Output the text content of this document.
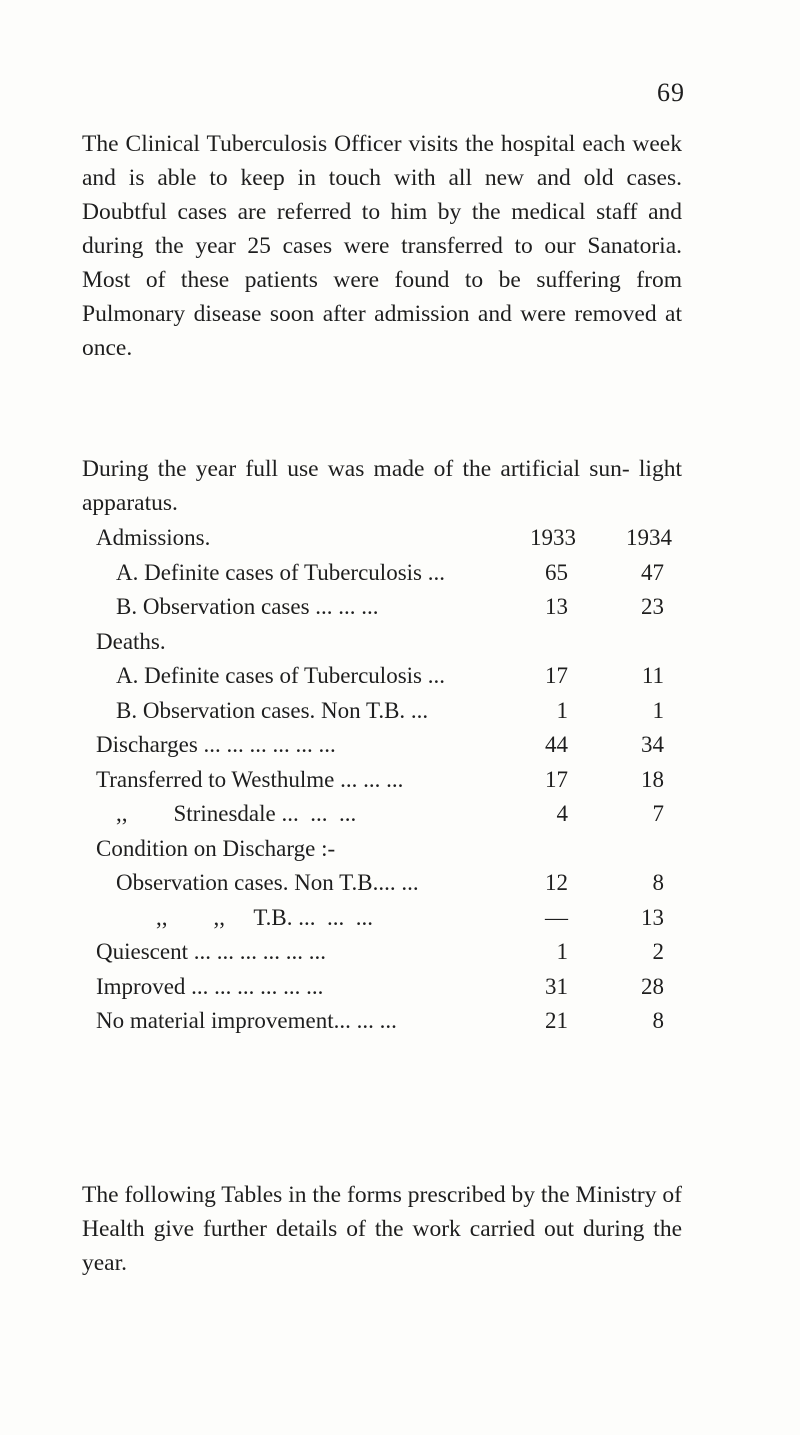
69

The Clinical Tuberculosis Officer visits the hospital each week and is able to keep in touch with all new and old cases. Doubtful cases are referred to him by the medical staff and during the year 25 cases were transferred to our Sanatoria. Most of these patients were found to be suffering from Pulmonary disease soon after admission and were removed at once.

During the year full use was made of the artificial sun- light apparatus.

Admissions.	1933 1934
A. Definite cases of Tuberculosis ...	65	47
B. Observation cases ... ... ...	13	23
Deaths.
A. Definite cases of Tuberculosis ...	17	11
B. Observation cases. Non T.B. ...	1	1
Discharges ... ... ... ... ... ...	44	34
Transferred to Westhulme ... ... ...	17	18
,,        Strinesdale ...  ...  ...	4	7
Condition on Discharge :-
Observation cases. Non T.B.... ...	12	8
,,        ,,     T.B. ...  ...  ...	—	13
Quiescent ... ... ... ... ... ...	1	2
Improved ... ... ... ... ... ...	31	28
No material improvement... ... ...	21	8

The following Tables in the forms prescribed by the Ministry of Health give further details of the work carried out during the year.
